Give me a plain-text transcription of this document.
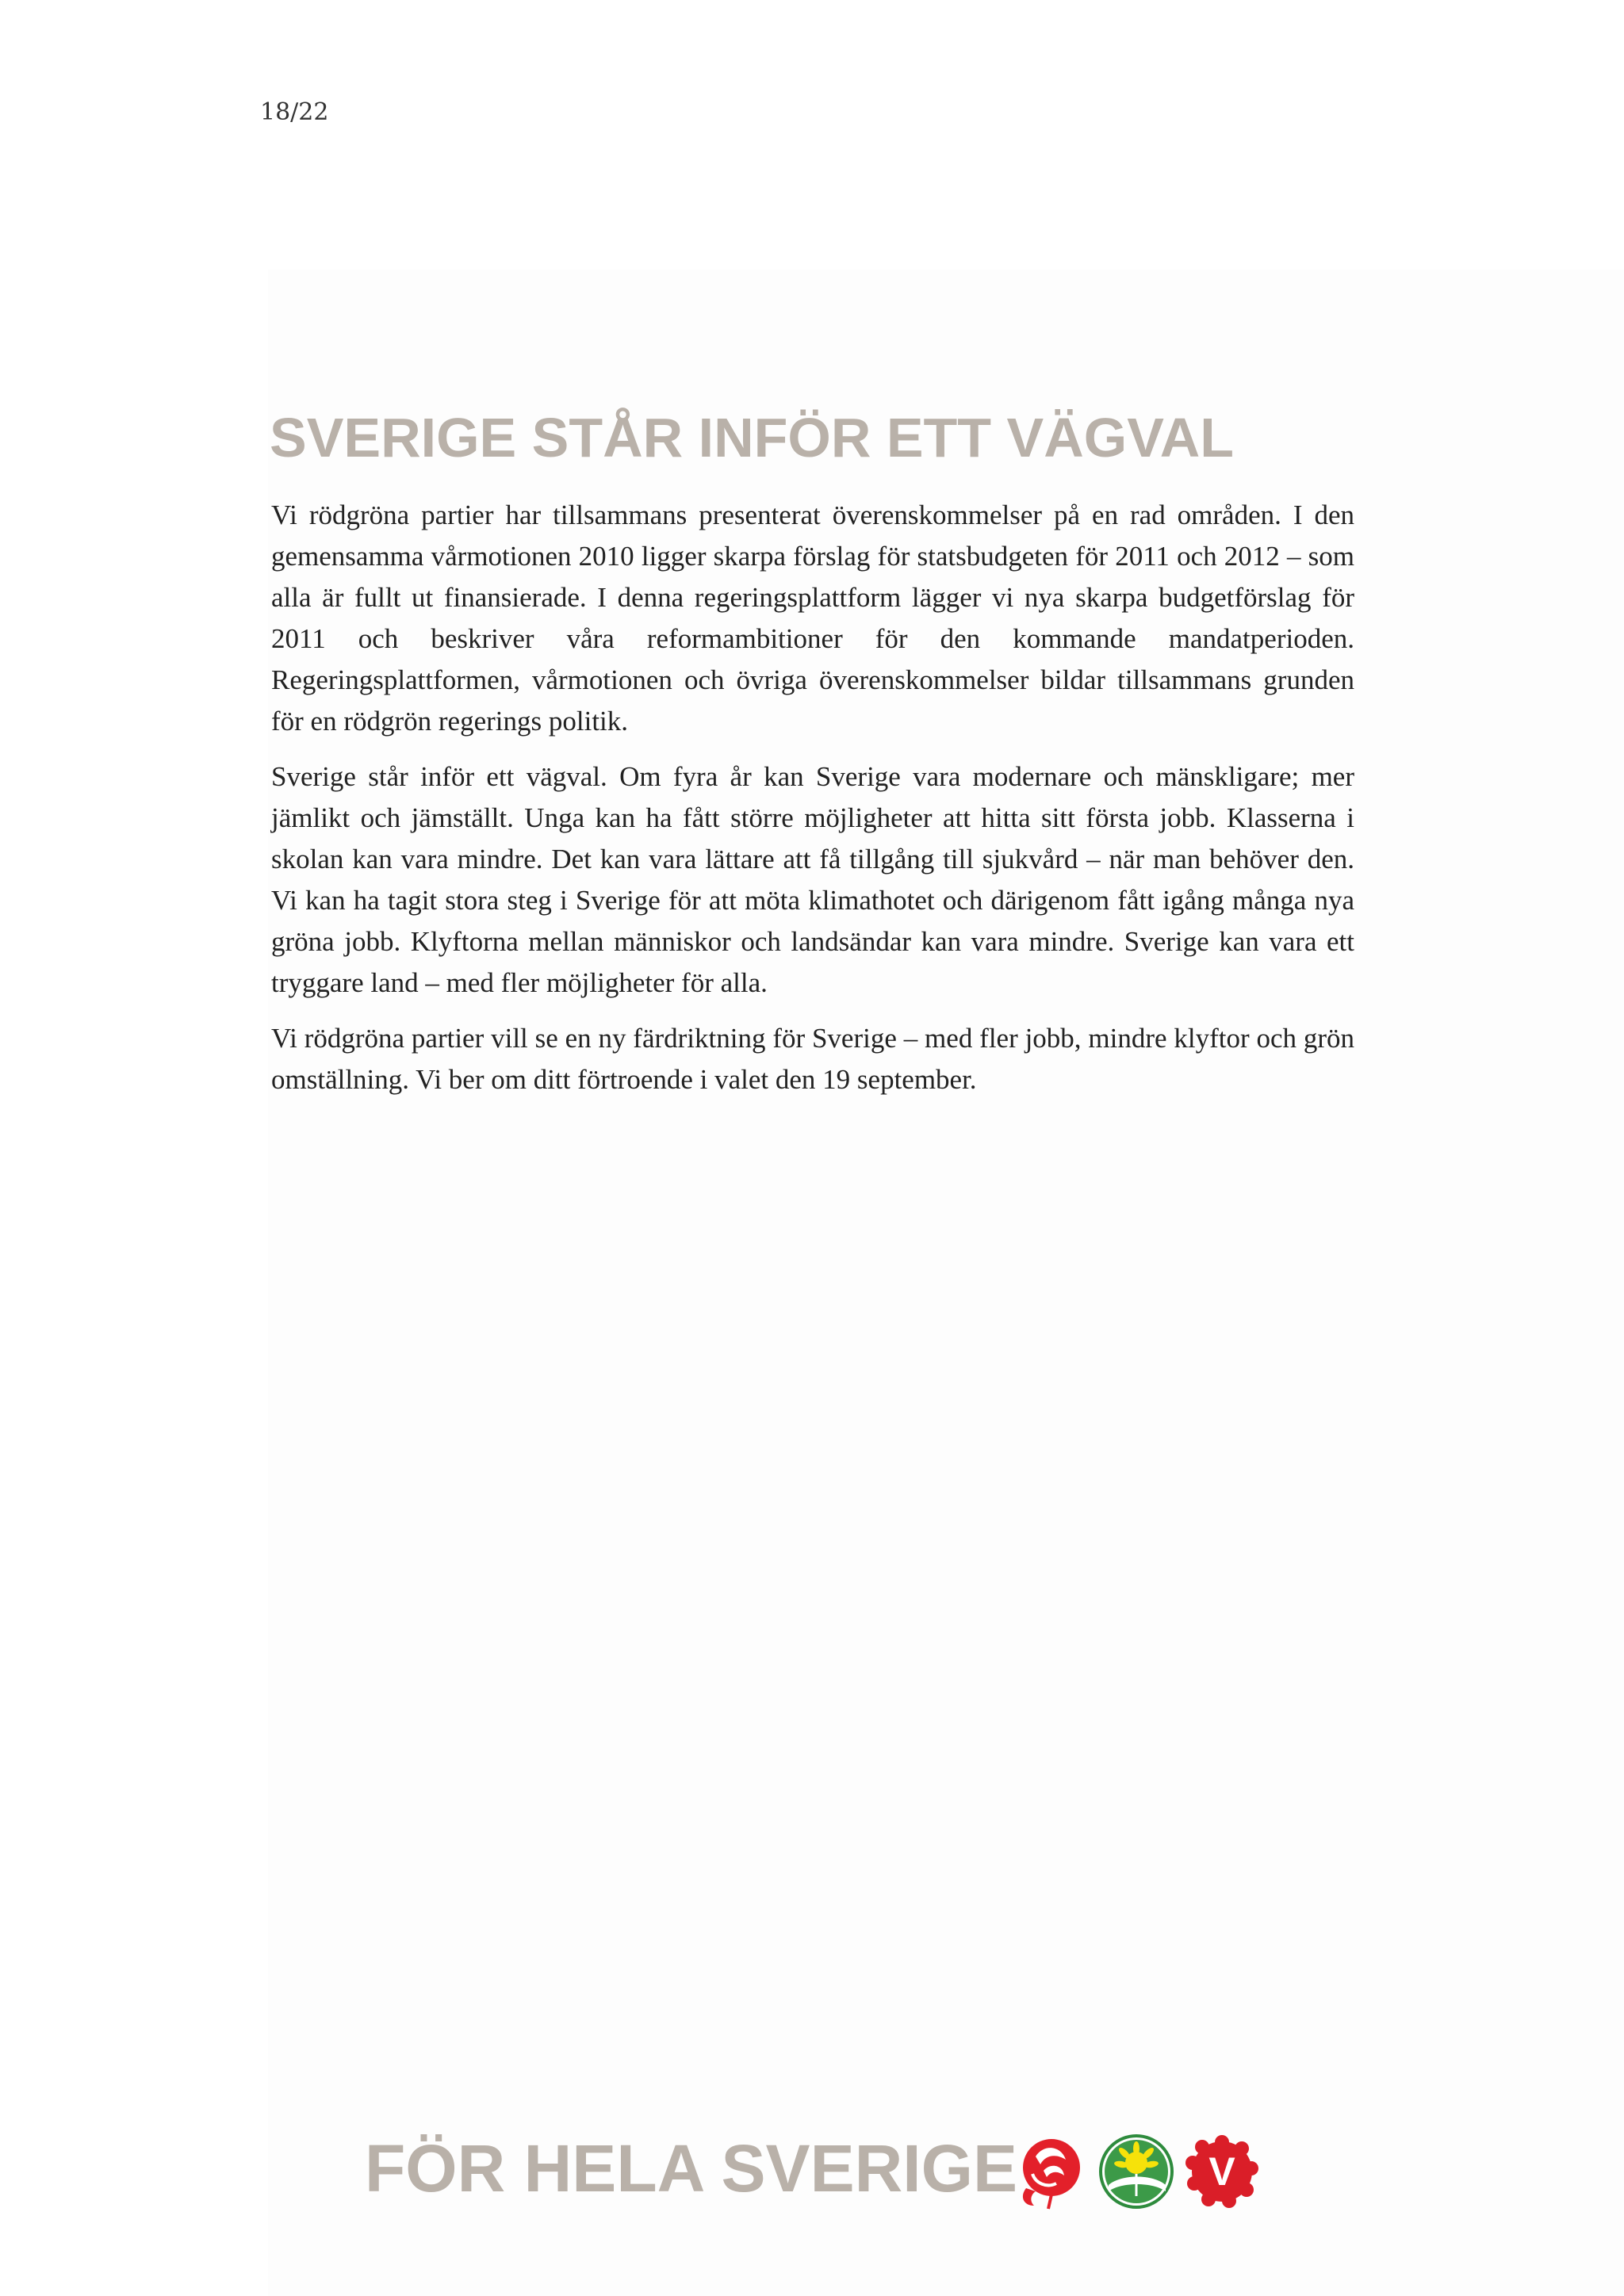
18/22
SVERIGE STÅR INFÖR ETT VÄGVAL

Vi rödgröna partier har tillsammans presenterat överenskommelser på en rad områden. I den gemensamma vårmotionen 2010 ligger skarpa förslag för statsbudgeten för 2011 och 2012 – som alla är fullt ut finansierade. I denna regeringsplattform lägger vi nya skarpa budgetförslag för 2011 och beskriver våra reformambitioner för den kommande mandatperioden. Regeringsplattformen, vårmotionen och övriga överenskommelser bildar tillsammans grunden för en rödgrön regerings politik.

Sverige står inför ett vägval. Om fyra år kan Sverige vara modernare och mänskligare; mer jämlikt och jämställt. Unga kan ha fått större möjligheter att hitta sitt första jobb. Klasserna i skolan kan vara mindre. Det kan vara lättare att få tillgång till sjukvård – när man behöver den. Vi kan ha tagit stora steg i Sverige för att möta klimathotet och därigenom fått igång många nya gröna jobb. Klyftorna mellan människor och landsändar kan vara mindre. Sverige kan vara ett tryggare land – med fler möjligheter för alla.

Vi rödgröna partier vill se en ny färdriktning för Sverige – med fler jobb, mindre klyftor och grön omställning. Vi ber om ditt förtroende i valet den 19 september.

FÖR HELA SVERIGE	V
